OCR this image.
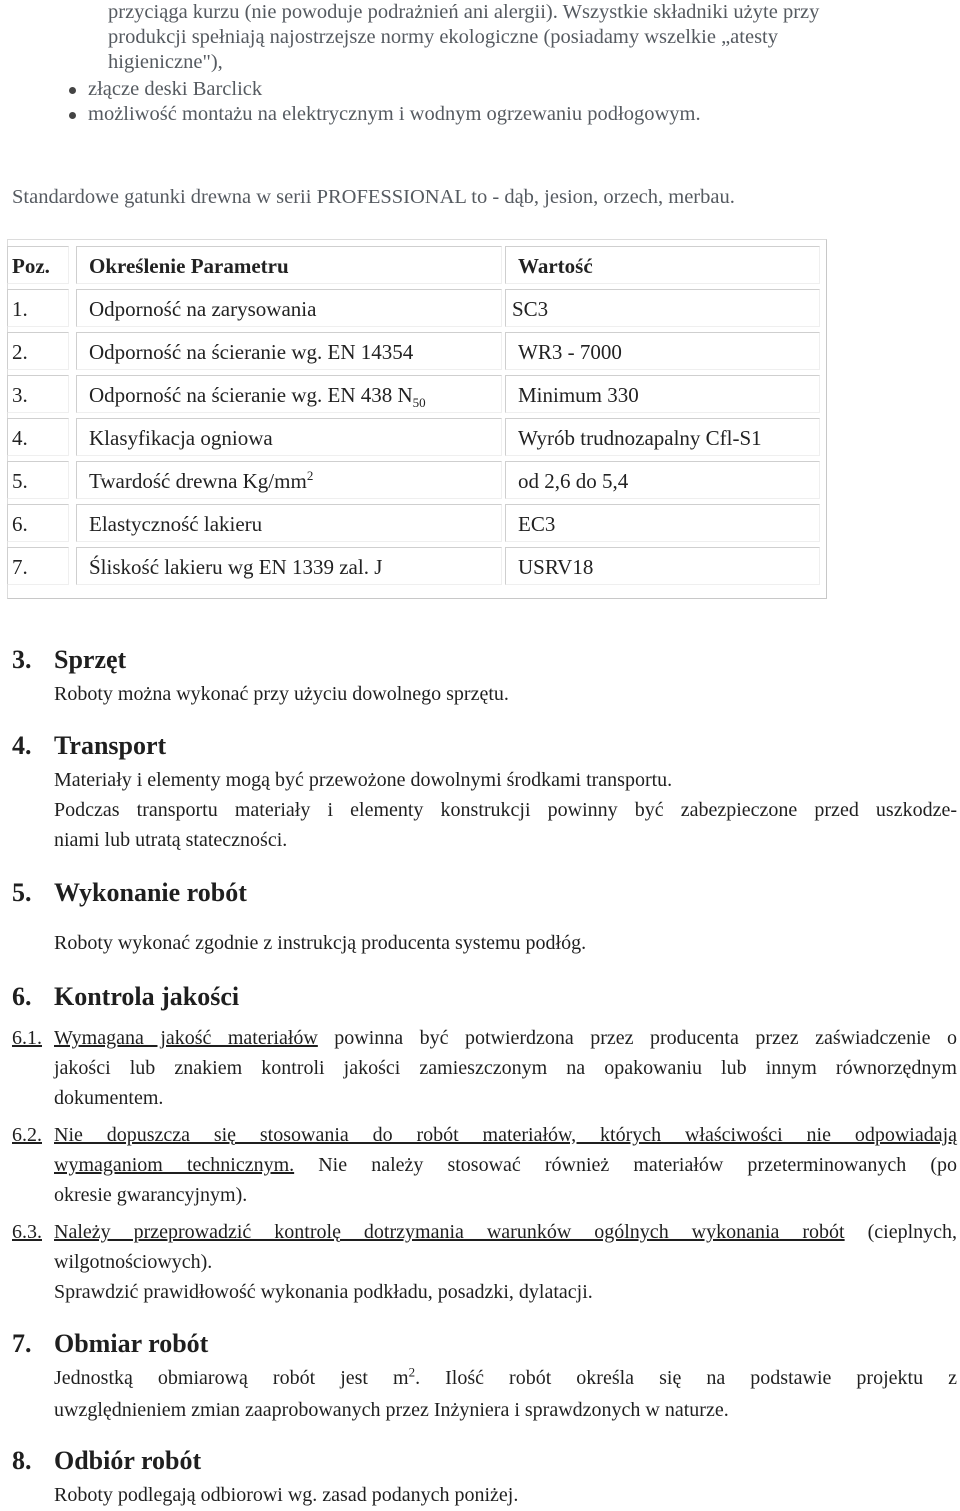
przyciąga kurzu (nie powoduje podrażnień ani alergii). Wszystkie składniki użyte przy
produkcji spełniają najostrzejsze normy ekologiczne (posiadamy wszelkie „atesty
higieniczne"),
złącze deski Barclick
możliwość montażu na elektrycznym i wodnym ogrzewaniu podłogowym.
Standardowe gatunki drewna w serii PROFESSIONAL to - dąb, jesion, orzech, merbau.
Poz.	Określenie Parametru	Wartość
1.	Odporność na zarysowania	SC3
2.	Odporność na ścieranie wg. EN 14354	WR3 - 7000
3.	Odporność na ścieranie wg. EN 438 $N_{50}$	Minimum 330
4.	Klasyfikacja ogniowa	Wyrób trudnozapalny Cfl-S1
5.	Twardość drewna $Kg/mm^2$	od 2,6 do 5,4
6.	Elastyczność lakieru	EC3
7.	Śliskość lakieru wg EN 1339 zal. J	USRV18
3. Sprzęt
Roboty można wykonać przy użyciu dowolnego sprzętu.
4. Transport
Materiały i elementy mogą być przewożone dowolnymi środkami transportu.
Podczas transportu materiały i elementy konstrukcji powinny być zabezpieczone przed uszkodze-
niami lub utratą stateczności.
5. Wykonanie robót
Roboty wykonać zgodnie z instrukcją producenta systemu podłóg.
6. Kontrola jakości
6.1. Wymagana jakość materiałów powinna być potwierdzona przez producenta przez zaświadczenie o
jakości lub znakiem kontroli jakości zamieszczonym na opakowaniu lub innym równorzędnym
dokumentem.
6.2. Nie dopuszcza się stosowania do robót materiałów, których właściwości nie odpowiadają
wymaganiom technicznym. Nie należy stosować również materiałów przeterminowanych (po
okresie gwarancyjnym).
6.3. Należy przeprowadzić kontrolę dotrzymania warunków ogólnych wykonania robót (cieplnych,
wilgotnościowych).
Sprawdzić prawidłowość wykonania podkładu, posadzki, dylatacji.
7. Obmiar robót
Jednostką obmiarową robót jest $m^2$. Ilość robót określa się na podstawie projektu z
uwzględnieniem zmian zaaprobowanych przez Inżyniera i sprawdzonych w naturze.
8. Odbiór robót
Roboty podlegają odbiorowi wg. zasad podanych poniżej.
